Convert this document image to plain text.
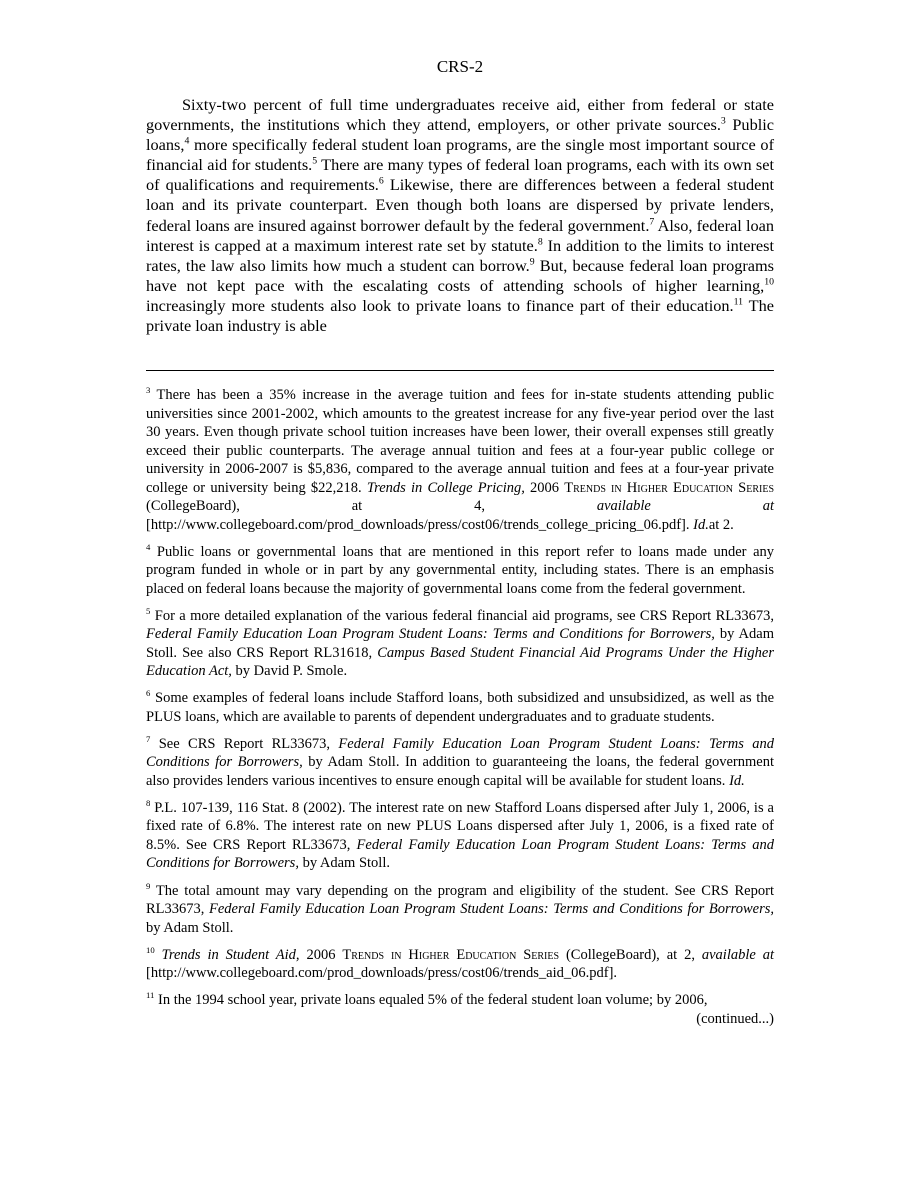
CRS-2

Sixty-two percent of full time undergraduates receive aid, either from federal or state governments, the institutions which they attend, employers, or other private sources.$^3$ Public loans,$^4$ more specifically federal student loan programs, are the single most important source of financial aid for students.$^5$ There are many types of federal loan programs, each with its own set of qualifications and requirements.$^6$ Likewise, there are differences between a federal student loan and its private counterpart. Even though both loans are dispersed by private lenders, federal loans are insured against borrower default by the federal government.$^7$ Also, federal loan interest is capped at a maximum interest rate set by statute.$^8$ In addition to the limits to interest rates, the law also limits how much a student can borrow.$^9$ But, because federal loan programs have not kept pace with the escalating costs of attending schools of higher learning,$^{10}$ increasingly more students also look to private loans to finance part of their education.$^{11}$ The private loan industry is able

$^3$ There has been a 35% increase in the average tuition and fees for in-state students attending public universities since 2001-2002, which amounts to the greatest increase for any five-year period over the last 30 years. Even though private school tuition increases have been lower, their overall expenses still greatly exceed their public counterparts. The average annual tuition and fees at a four-year public college or university in 2006-2007 is $5,836, compared to the average annual tuition and fees at a four-year private college or university being $22,218. Trends in College Pricing, 2006 Trends in Higher Education Series (CollegeBoard), at 4, available at [http://www.collegeboard.com/prod_downloads/press/cost06/trends_college_pricing_06.pdf]. Id.at 2.

$^4$ Public loans or governmental loans that are mentioned in this report refer to loans made under any program funded in whole or in part by any governmental entity, including states. There is an emphasis placed on federal loans because the majority of governmental loans come from the federal government.

$^5$ For a more detailed explanation of the various federal financial aid programs, see CRS Report RL33673, Federal Family Education Loan Program Student Loans: Terms and Conditions for Borrowers, by Adam Stoll. See also CRS Report RL31618, Campus Based Student Financial Aid Programs Under the Higher Education Act, by David P. Smole.

$^6$ Some examples of federal loans include Stafford loans, both subsidized and unsubsidized, as well as the PLUS loans, which are available to parents of dependent undergraduates and to graduate students.

$^7$ See CRS Report RL33673, Federal Family Education Loan Program Student Loans: Terms and Conditions for Borrowers, by Adam Stoll. In addition to guaranteeing the loans, the federal government also provides lenders various incentives to ensure enough capital will be available for student loans. Id.

$^8$ P.L. 107-139, 116 Stat. 8 (2002). The interest rate on new Stafford Loans dispersed after July 1, 2006, is a fixed rate of 6.8%. The interest rate on new PLUS Loans dispersed after July 1, 2006, is a fixed rate of 8.5%. See CRS Report RL33673, Federal Family Education Loan Program Student Loans: Terms and Conditions for Borrowers, by Adam Stoll.

$^9$ The total amount may vary depending on the program and eligibility of the student. See CRS Report RL33673, Federal Family Education Loan Program Student Loans: Terms and Conditions for Borrowers, by Adam Stoll.

$^{10}$ Trends in Student Aid, 2006 Trends in Higher Education Series (CollegeBoard), at 2, available at [http://www.collegeboard.com/prod_downloads/press/cost06/trends_aid_06.pdf].

$^{11}$ In the 1994 school year, private loans equaled 5% of the federal student loan volume; by 2006,

(continued...)
